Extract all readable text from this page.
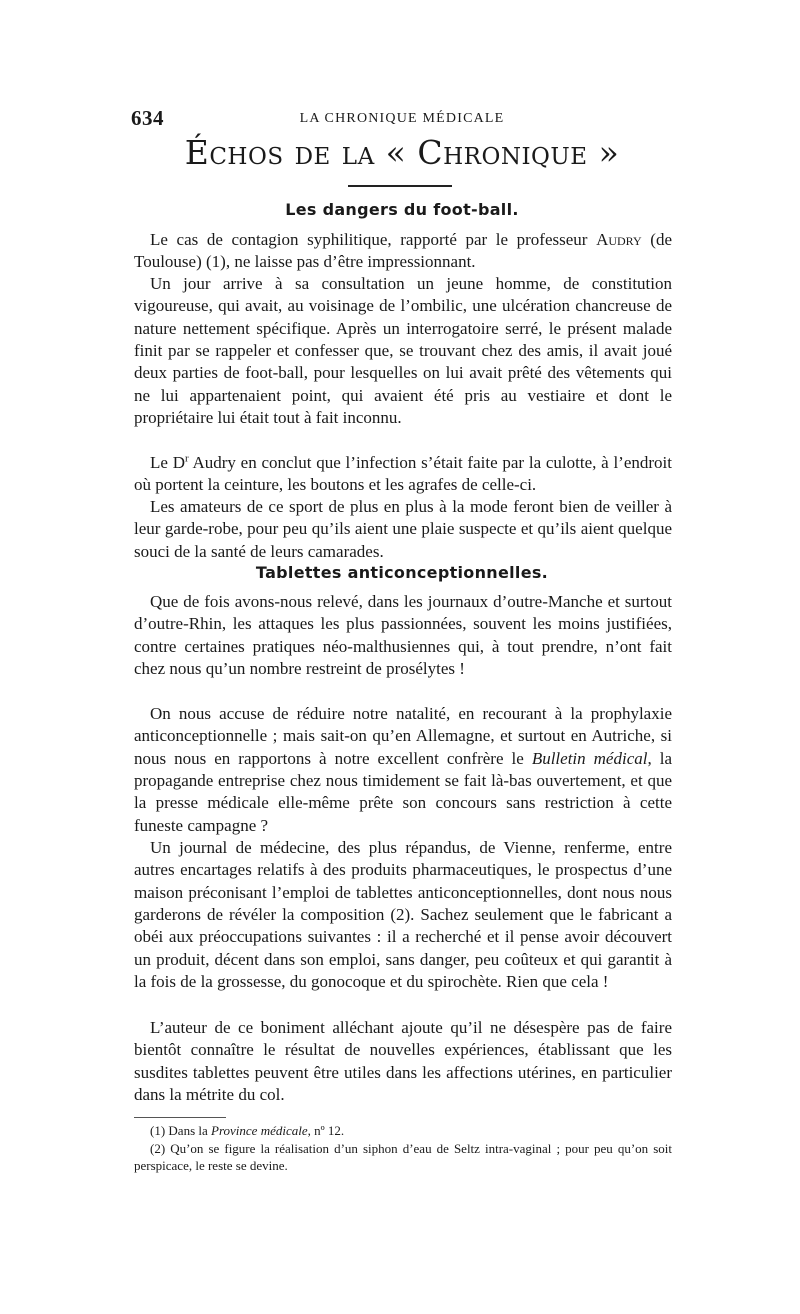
634	LA CHRONIQUE MÉDICALE
Échos de la « Chronique »
Les dangers du foot-ball.
Le cas de contagion syphilitique, rapporté par le professeur Audry (de Toulouse) (1), ne laisse pas d’être impressionnant.
Un jour arrive à sa consultation un jeune homme, de constitution vigoureuse, qui avait, au voisinage de l’ombilic, une ulcération chancreuse de nature nettement spécifique. Après un interrogatoire serré, le présent malade finit par se rappeler et confesser que, se trouvant chez des amis, il avait joué deux parties de foot-ball, pour lesquelles on lui avait prêté des vêtements qui ne lui appartenaient point, qui avaient été pris au vestiaire et dont le propriétaire lui était tout à fait inconnu.
Le D$^r$ Audry en conclut que l’infection s’était faite par la culotte, à l’endroit où portent la ceinture, les boutons et les agrafes de celle-ci.
Les amateurs de ce sport de plus en plus à la mode feront bien de veiller à leur garde-robe, pour peu qu’ils aient une plaie suspecte et qu’ils aient quelque souci de la santé de leurs camarades.
Tablettes anticonceptionnelles.
Que de fois avons-nous relevé, dans les journaux d’outre-Manche et surtout d’outre-Rhin, les attaques les plus passionnées, souvent les moins justifiées, contre certaines pratiques néo-malthusiennes qui, à tout prendre, n’ont fait chez nous qu’un nombre restreint de prosélytes !
On nous accuse de réduire notre natalité, en recourant à la prophylaxie anticonceptionnelle ; mais sait-on qu’en Allemagne, et surtout en Autriche, si nous nous en rapportons à notre excellent confrère le Bulletin médical, la propagande entreprise chez nous timidement se fait là-bas ouvertement, et que la presse médicale elle-même prête son concours sans restriction à cette funeste campagne ?
Un journal de médecine, des plus répandus, de Vienne, renferme, entre autres encartages relatifs à des produits pharmaceutiques, le prospectus d’une maison préconisant l’emploi de tablettes anticonceptionnelles, dont nous nous garderons de révéler la composition (2). Sachez seulement que le fabricant a obéi aux préoccupations suivantes : il a recherché et il pense avoir découvert un produit, décent dans son emploi, sans danger, peu coûteux et qui garantit à la fois de la grossesse, du gonocoque et du spirochète. Rien que cela !
L’auteur de ce boniment alléchant ajoute qu’il ne désespère pas de faire bientôt connaître le résultat de nouvelles expériences, établissant que les susdites tablettes peuvent être utiles dans les affections utérines, en particulier dans la métrite du col.
(1) Dans la Province médicale, nº 12.
(2) Qu’on se figure la réalisation d’un siphon d’eau de Seltz intra-vaginal ; pour peu qu’on soit perspicace, le reste se devine.
